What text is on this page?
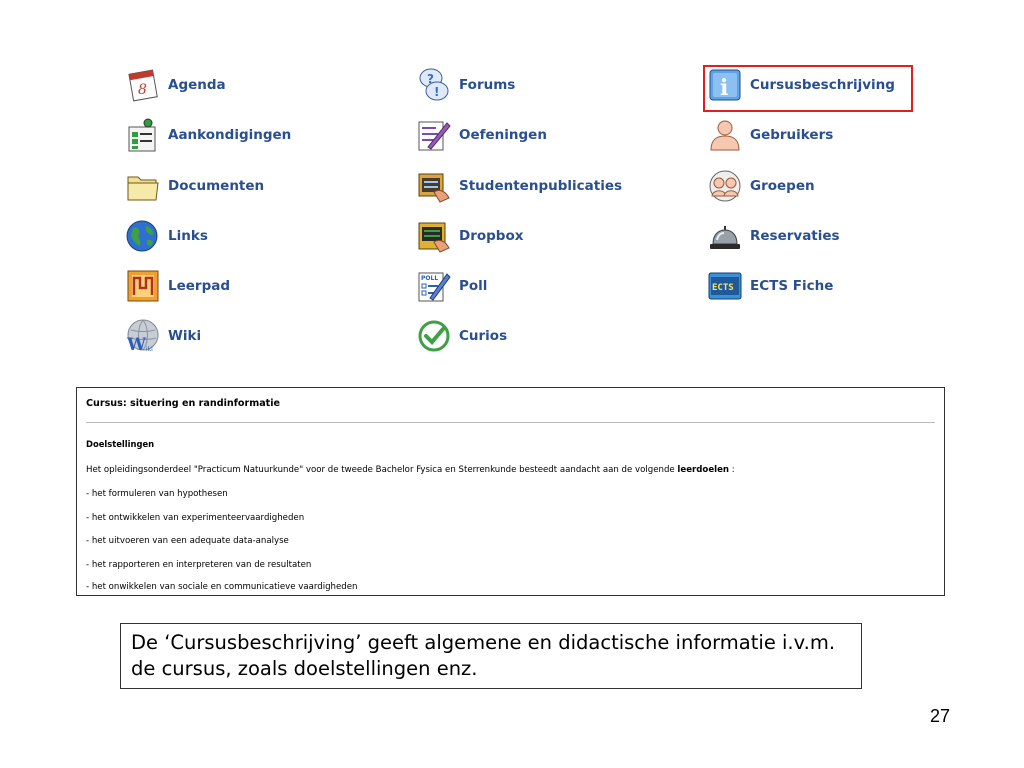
8 Agenda
Aankondigingen
Documenten
Links
Leerpad
W iki
Wiki
?
! Forums
Oefeningen
Studentenpublicaties
Dropbox
POLL Poll
Curios
i Cursusbeschrijving
Gebruikers
Groepen
Reservaties
ECTS ECTS Fiche
Cursus: situering en randinformatie
Doelstellingen
Het opleidingsonderdeel "Practicum Natuurkunde" voor de tweede Bachelor Fysica en Sterrenkunde besteedt aandacht aan de volgende leerdoelen :
- het formuleren van hypothesen
- het ontwikkelen van experimenteervaardigheden
- het uitvoeren van een adequate data-analyse
- het rapporteren en interpreteren van de resultaten
- het onwikkelen van sociale en communicatieve vaardigheden
De ‘Cursusbeschrijving’ geeft algemene en didactische informatie i.v.m. de cursus, zoals doelstellingen enz.
27
